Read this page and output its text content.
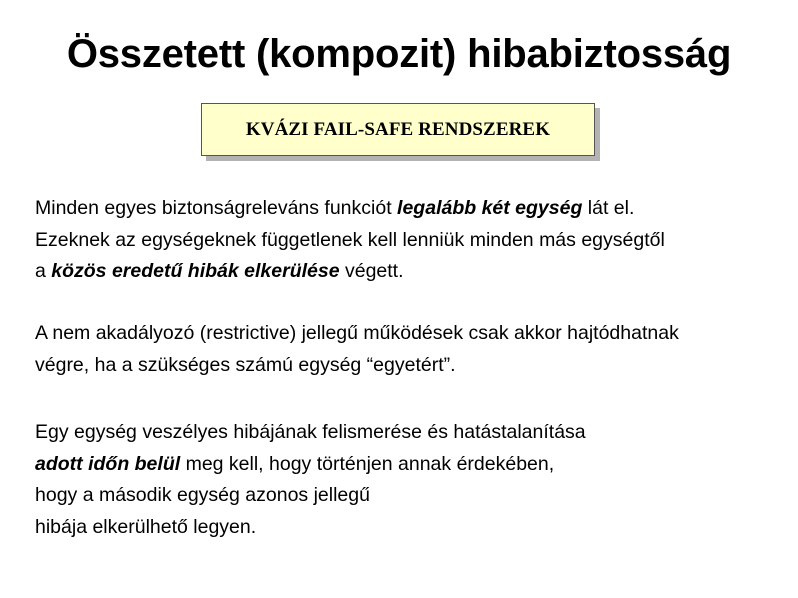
Összetett (kompozit) hibabiztosság
KVÁZI FAIL-SAFE RENDSZEREK
Minden egyes biztonságreleváns funkciót legalább két egység lát el.
Ezeknek az egységeknek függetlenek kell lenniük minden más egységtől
a közös eredetű hibák elkerülése végett.
A nem akadályozó (restrictive) jellegű működések csak akkor hajtódhatnak
végre, ha a szükséges számú egység “egyetért”.
Egy egység veszélyes hibájának felismerése és hatástalanítása
adott időn belül meg kell, hogy történjen annak érdekében,
hogy a második egység azonos jellegű
hibája elkerülhető legyen.
